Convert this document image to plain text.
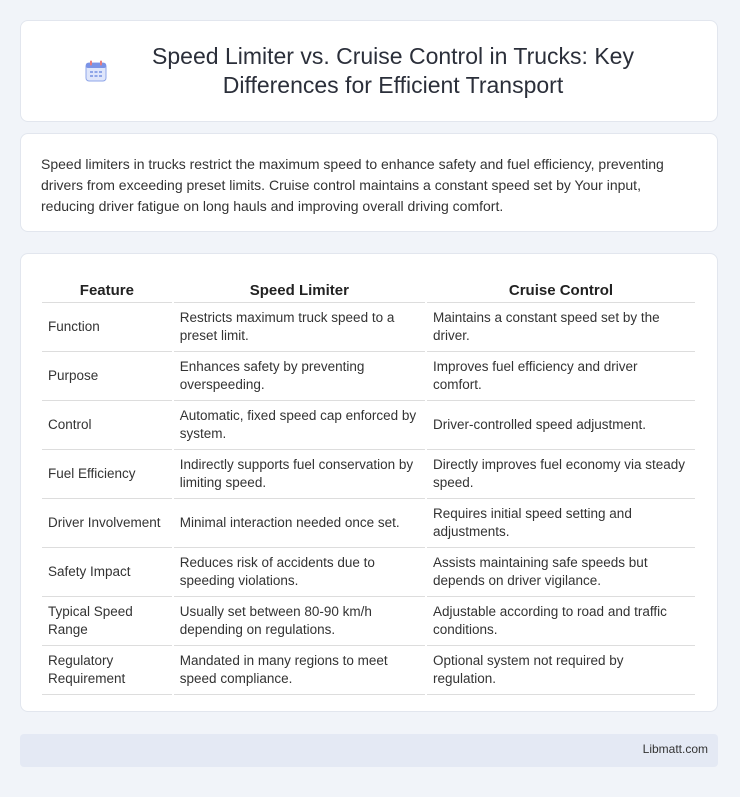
Speed Limiter vs. Cruise Control in Trucks: Key Differences for Efficient Transport

Speed limiters in trucks restrict the maximum speed to enhance safety and fuel efficiency, preventing drivers from exceeding preset limits. Cruise control maintains a constant speed set by Your input, reducing driver fatigue on long hauls and improving overall driving comfort.

Feature	Speed Limiter	Cruise Control
Function	Restricts maximum truck speed to a preset limit.	Maintains a constant speed set by the driver.
Purpose	Enhances safety by preventing overspeeding.	Improves fuel efficiency and driver comfort.
Control	Automatic, fixed speed cap enforced by system.	Driver-controlled speed adjustment.
Fuel Efficiency	Indirectly supports fuel conservation by limiting speed.	Directly improves fuel economy via steady speed.
Driver Involvement	Minimal interaction needed once set.	Requires initial speed setting and adjustments.
Safety Impact	Reduces risk of accidents due to speeding violations.	Assists maintaining safe speeds but depends on driver vigilance.
Typical Speed Range	Usually set between 80-90 km/h depending on regulations.	Adjustable according to road and traffic conditions.
Regulatory Requirement	Mandated in many regions to meet speed compliance.	Optional system not required by regulation.
Libmatt.com
